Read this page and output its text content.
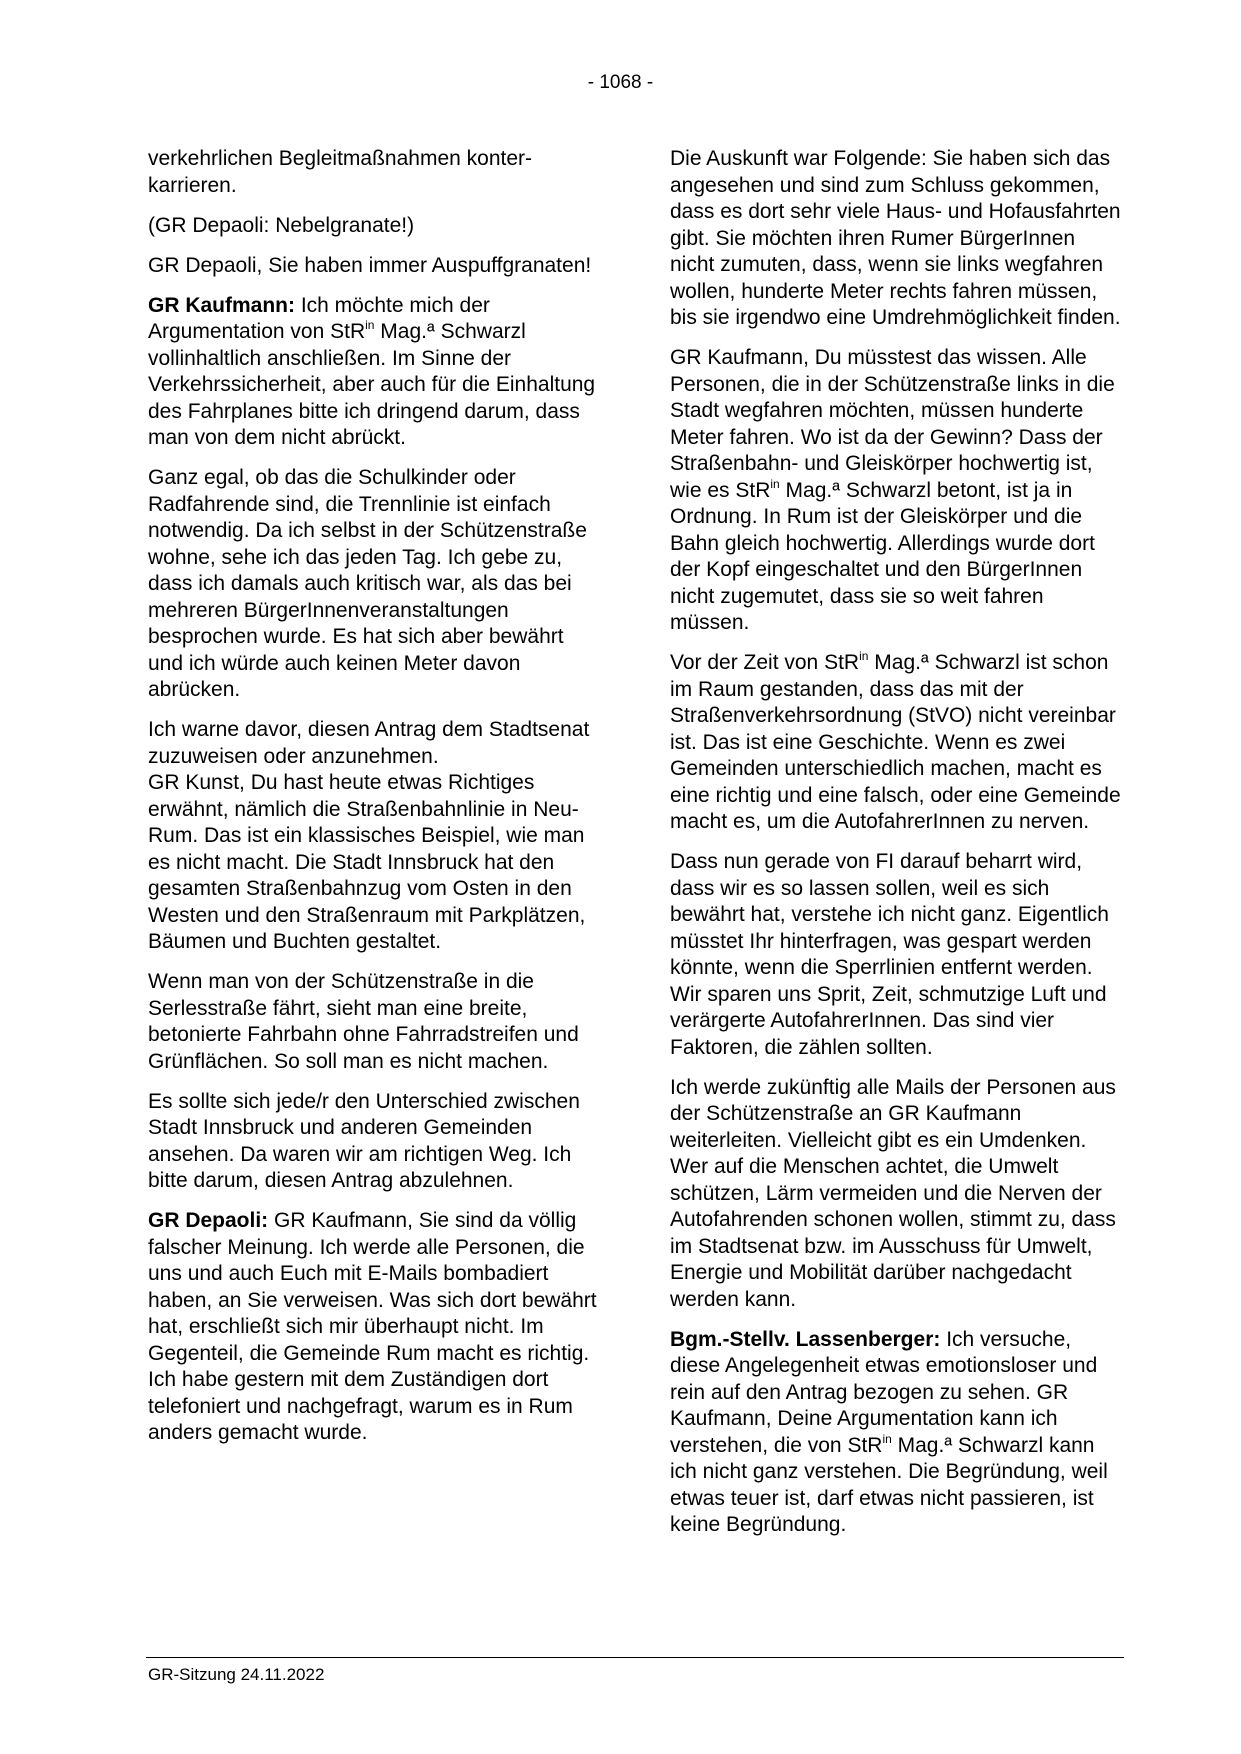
- 1068 -

verkehrlichen Begleitmaßnahmen konter-karrieren.

(GR Depaoli: Nebelgranate!)

GR Depaoli, Sie haben immer Auspuffgranaten!

GR Kaufmann: Ich möchte mich der Argumentation von StR$^{in}$ Mag.ª Schwarzl vollinhaltlich anschließen. Im Sinne der Verkehrssicherheit, aber auch für die Einhaltung des Fahrplanes bitte ich dringend darum, dass man von dem nicht abrückt.

Ganz egal, ob das die Schulkinder oder Radfahrende sind, die Trennlinie ist einfach notwendig. Da ich selbst in der Schützenstraße wohne, sehe ich das jeden Tag. Ich gebe zu, dass ich damals auch kritisch war, als das bei mehreren BürgerInnenveranstaltungen besprochen wurde. Es hat sich aber bewährt und ich würde auch keinen Meter davon abrücken.

Ich warne davor, diesen Antrag dem Stadtsenat zuzuweisen oder anzunehmen.
GR Kunst, Du hast heute etwas Richtiges erwähnt, nämlich die Straßenbahnlinie in Neu-Rum. Das ist ein klassisches Beispiel, wie man es nicht macht. Die Stadt Innsbruck hat den gesamten Straßenbahnzug vom Osten in den Westen und den Straßenraum mit Parkplätzen, Bäumen und Buchten gestaltet.

Wenn man von der Schützenstraße in die Serlesstraße fährt, sieht man eine breite, betonierte Fahrbahn ohne Fahrradstreifen und Grünflächen. So soll man es nicht machen.

Es sollte sich jede/r den Unterschied zwischen Stadt Innsbruck und anderen Gemeinden ansehen. Da waren wir am richtigen Weg. Ich bitte darum, diesen Antrag abzulehnen.

GR Depaoli: GR Kaufmann, Sie sind da völlig falscher Meinung. Ich werde alle Personen, die uns und auch Euch mit E-Mails bombadiert haben, an Sie verweisen. Was sich dort bewährt hat, erschließt sich mir überhaupt nicht. Im Gegenteil, die Gemeinde Rum macht es richtig. Ich habe gestern mit dem Zuständigen dort telefoniert und nachgefragt, warum es in Rum anders gemacht wurde.

Die Auskunft war Folgende: Sie haben sich das angesehen und sind zum Schluss gekommen, dass es dort sehr viele Haus- und Hofausfahrten gibt. Sie möchten ihren Rumer BürgerInnen nicht zumuten, dass, wenn sie links wegfahren wollen, hunderte Meter rechts fahren müssen, bis sie irgendwo eine Umdrehmöglichkeit finden.

GR Kaufmann, Du müsstest das wissen. Alle Personen, die in der Schützenstraße links in die Stadt wegfahren möchten, müssen hunderte Meter fahren. Wo ist da der Gewinn? Dass der Straßenbahn- und Gleiskörper hochwertig ist, wie es StR$^{in}$ Mag.ª Schwarzl betont, ist ja in Ordnung. In Rum ist der Gleiskörper und die Bahn gleich hochwertig. Allerdings wurde dort der Kopf eingeschaltet und den BürgerInnen nicht zugemutet, dass sie so weit fahren müssen.

Vor der Zeit von StR$^{in}$ Mag.ª Schwarzl ist schon im Raum gestanden, dass das mit der Straßenverkehrsordnung (StVO) nicht vereinbar ist. Das ist eine Geschichte. Wenn es zwei Gemeinden unterschiedlich machen, macht es eine richtig und eine falsch, oder eine Gemeinde macht es, um die AutofahrerInnen zu nerven.

Dass nun gerade von FI darauf beharrt wird, dass wir es so lassen sollen, weil es sich bewährt hat, verstehe ich nicht ganz. Eigentlich müsstet Ihr hinterfragen, was gespart werden könnte, wenn die Sperrlinien entfernt werden. Wir sparen uns Sprit, Zeit, schmutzige Luft und verärgerte AutofahrerInnen. Das sind vier Faktoren, die zählen sollten.

Ich werde zukünftig alle Mails der Personen aus der Schützenstraße an GR Kaufmann weiterleiten. Vielleicht gibt es ein Umdenken. Wer auf die Menschen achtet, die Umwelt schützen, Lärm vermeiden und die Nerven der Autofahrenden schonen wollen, stimmt zu, dass im Stadtsenat bzw. im Ausschuss für Umwelt, Energie und Mobilität darüber nachgedacht werden kann.

Bgm.-Stellv. Lassenberger: Ich versuche, diese Angelegenheit etwas emotionsloser und rein auf den Antrag bezogen zu sehen. GR Kaufmann, Deine Argumentation kann ich verstehen, die von StR$^{in}$ Mag.ª Schwarzl kann ich nicht ganz verstehen. Die Begründung, weil etwas teuer ist, darf etwas nicht passieren, ist keine Begründung.

GR-Sitzung 24.11.2022
